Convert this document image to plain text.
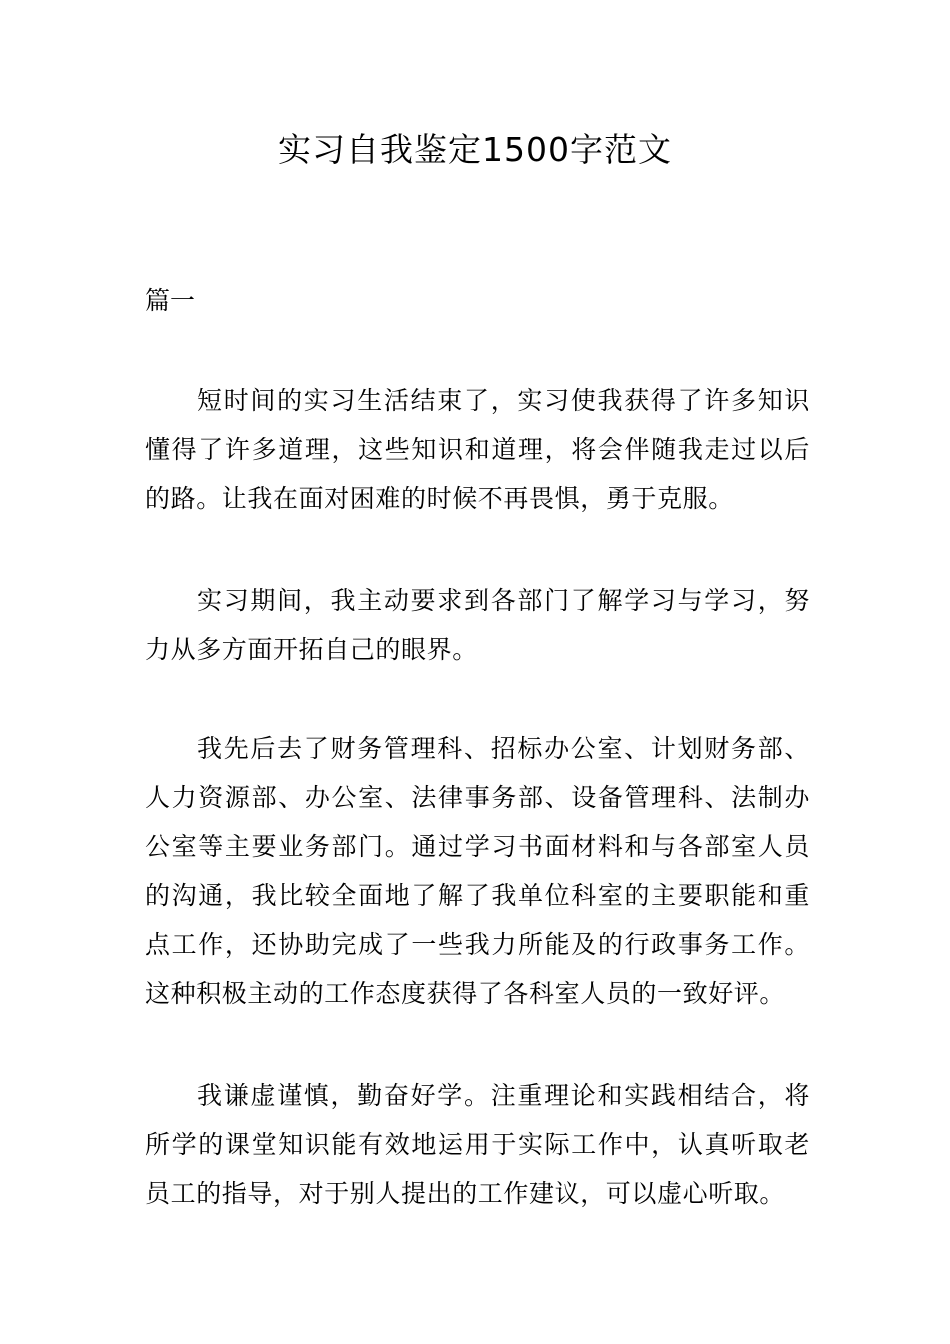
实习自我鉴定1500字范文

篇一

短时间的实习生活结束了，实习使我获得了许多知识懂得了许多道理，这些知识和道理，将会伴随我走过以后的路。让我在面对困难的时候不再畏惧，勇于克服。

实习期间，我主动要求到各部门了解学习与学习，努力从多方面开拓自己的眼界。

我先后去了财务管理科、招标办公室、计划财务部、人力资源部、办公室、法律事务部、设备管理科、法制办公室等主要业务部门。通过学习书面材料和与各部室人员的沟通，我比较全面地了解了我单位科室的主要职能和重点工作，还协助完成了一些我力所能及的行政事务工作。这种积极主动的工作态度获得了各科室人员的一致好评。

我谦虚谨慎，勤奋好学。注重理论和实践相结合，将所学的课堂知识能有效地运用于实际工作中，认真听取老员工的指导，对于别人提出的工作建议，可以虚心听取。
